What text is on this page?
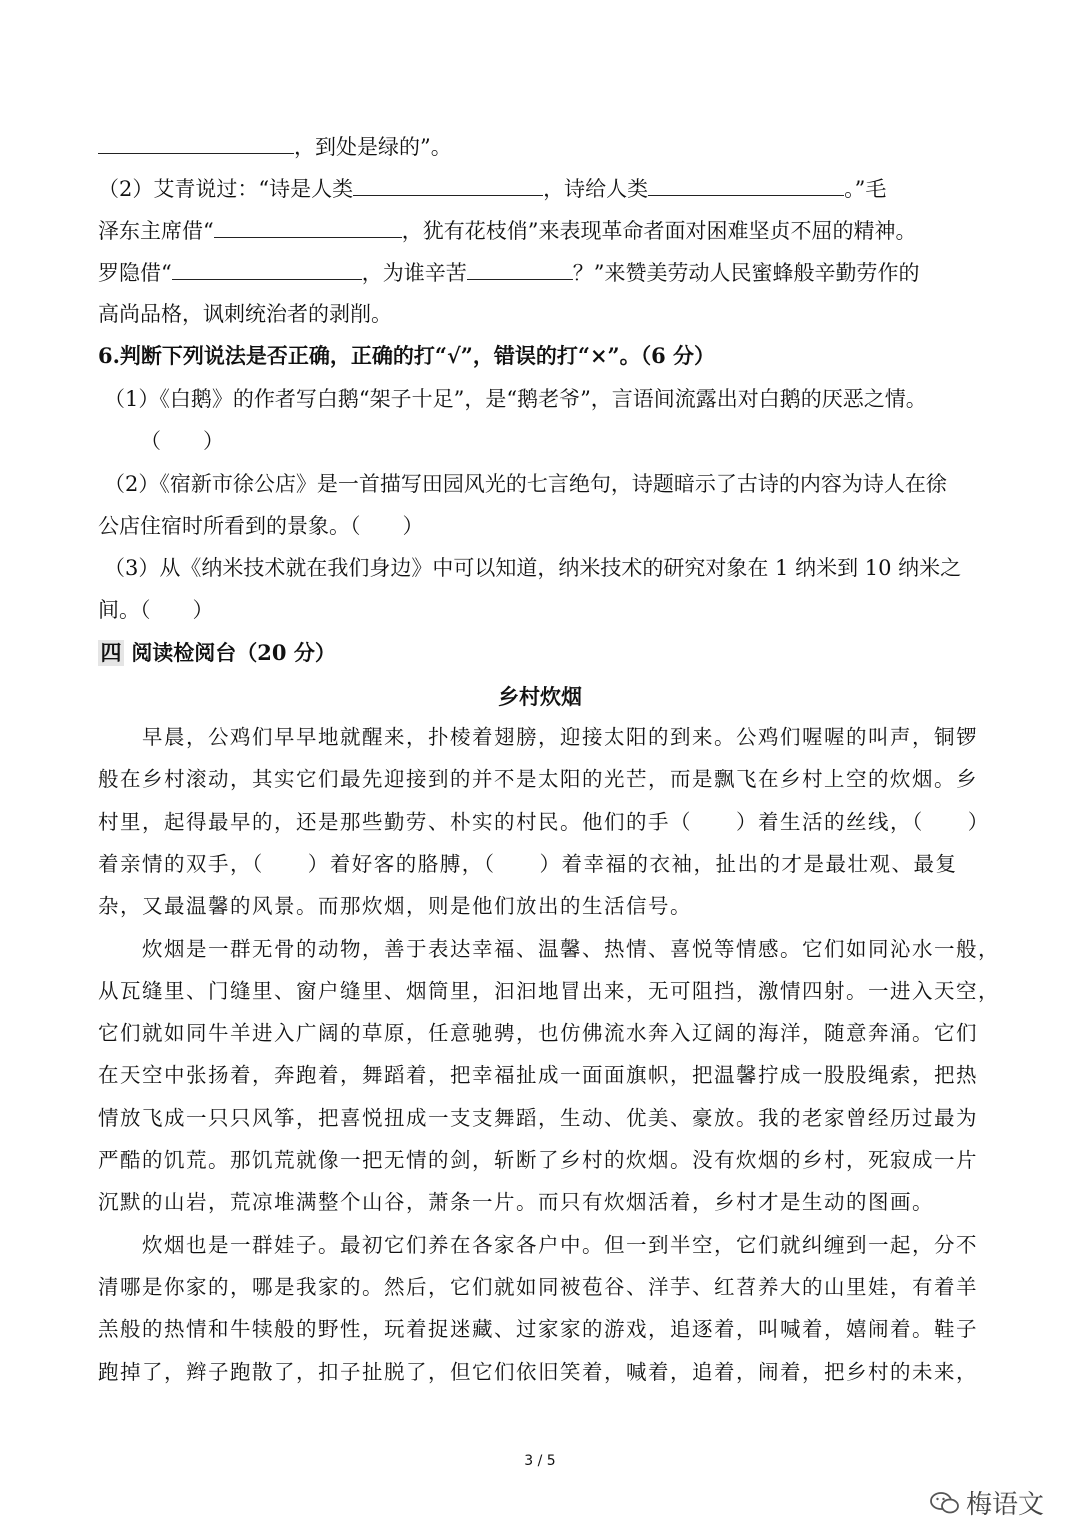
，到处是绿的”。
（2）艾青说过：“诗是人类	，诗给人类	。”毛
泽东主席借“	，犹有花枝俏”来表现革命者面对困难坚贞不屈的精神。
罗隐借“	，为谁辛苦	？”来赞美劳动人民蜜蜂般辛勤劳作的
高尚品格，讽刺统治者的剥削。
6.判断下列说法是否正确，正确的打“√”，错误的打“×”。（6 分）
（1）《白鹅》的作者写白鹅“架子十足”，是“鹅老爷”，言语间流露出对白鹅的厌恶之情。
（　　）
（2）《宿新市徐公店》是一首描写田园风光的七言绝句，诗题暗示了古诗的内容为诗人在徐
公店住宿时所看到的景象。（　　）
（3）从《纳米技术就在我们身边》中可以知道，纳米技术的研究对象在 1 纳米到 10 纳米之
间。（　　）
四 阅读检阅台（20 分）
乡村炊烟
　　早晨，公鸡们早早地就醒来，扑棱着翅膀，迎接太阳的到来。公鸡们喔喔的叫声，铜锣
般在乡村滚动，其实它们最先迎接到的并不是太阳的光芒，而是飘飞在乡村上空的炊烟。乡
村里，起得最早的，还是那些勤劳、朴实的村民。他们的手（　　）着生活的丝线，（　　）
着亲情的双手，（　　）着好客的胳膊，（　　）着幸福的衣袖，扯出的才是最壮观、最复
杂，又最温馨的风景。而那炊烟，则是他们放出的生活信号。
　　炊烟是一群无骨的动物，善于表达幸福、温馨、热情、喜悦等情感。它们如同沁水一般，
从瓦缝里、门缝里、窗户缝里、烟筒里，汩汩地冒出来，无可阻挡，激情四射。一进入天空，
它们就如同牛羊进入广阔的草原，任意驰骋，也仿佛流水奔入辽阔的海洋，随意奔涌。它们
在天空中张扬着，奔跑着，舞蹈着，把幸福扯成一面面旗帜，把温馨拧成一股股绳索，把热
情放飞成一只只风筝，把喜悦扭成一支支舞蹈，生动、优美、豪放。我的老家曾经历过最为
严酷的饥荒。那饥荒就像一把无情的剑，斩断了乡村的炊烟。没有炊烟的乡村，死寂成一片
沉默的山岩，荒凉堆满整个山谷，萧条一片。而只有炊烟活着，乡村才是生动的图画。
　　炊烟也是一群娃子。最初它们养在各家各户中。但一到半空，它们就纠缠到一起，分不
清哪是你家的，哪是我家的。然后，它们就如同被苞谷、洋芋、红苕养大的山里娃，有着羊
羔般的热情和牛犊般的野性，玩着捉迷藏、过家家的游戏，追逐着，叫喊着，嬉闹着。鞋子
跑掉了，辫子跑散了，扣子扯脱了，但它们依旧笑着，喊着，追着，闹着，把乡村的未来，
3 / 5
梅语文
